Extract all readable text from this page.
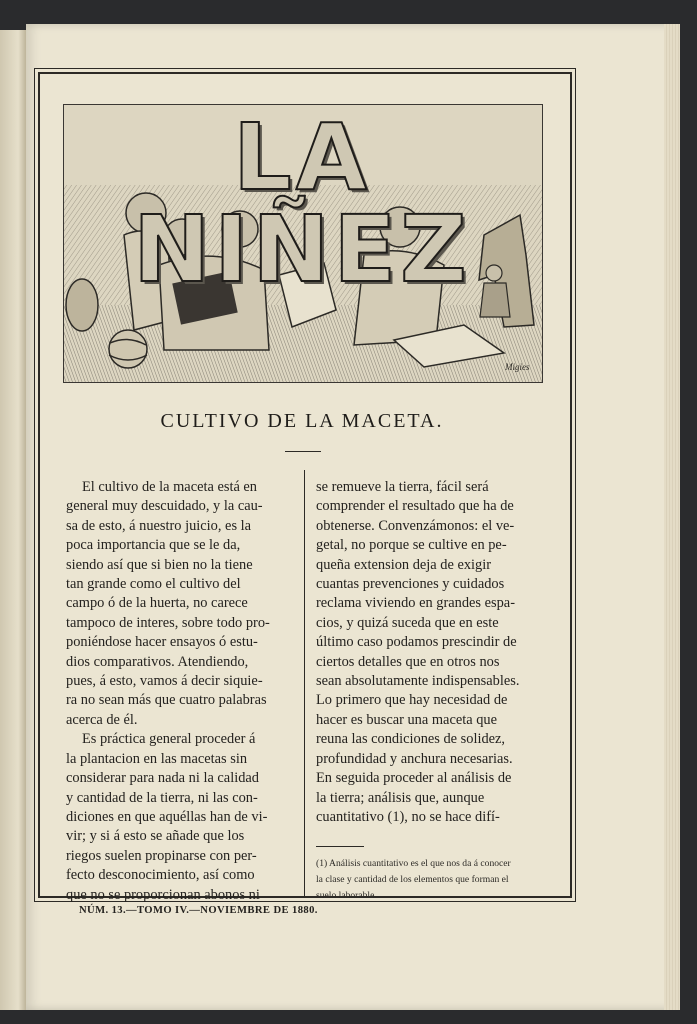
LA NIÑEZ
Migies
CULTIVO DE LA MACETA.

El cultivo de la maceta está en

general muy descuidado, y la cau-

sa de esto, á nuestro juicio, es la

poca importancia que se le da,

siendo así que si bien no la tiene

tan grande como el cultivo del

campo ó de la huerta, no carece

tampoco de interes, sobre todo pro-

poniéndose hacer ensayos ó estu-

dios comparativos. Atendiendo,

pues, á esto, vamos á decir siquie-

ra no sean más que cuatro palabras

acerca de él.

Es práctica general proceder á

la plantacion en las macetas sin

considerar para nada ni la calidad

y cantidad de la tierra, ni las con-

diciones en que aquéllas han de vi-

vir; y si á esto se añade que los

riegos suelen propinarse con per-

fecto desconocimiento, así como

que no se proporcionan abonos ni

se remueve la tierra, fácil será

comprender el resultado que ha de

obtenerse. Convenzámonos: el ve-

getal, no porque se cultive en pe-

queña extension deja de exigir

cuantas prevenciones y cuidados

reclama viviendo en grandes espa-

cios, y quizá suceda que en este

último caso podamos prescindir de

ciertos detalles que en otros nos

sean absolutamente indispensables.

Lo primero que hay necesidad de

hacer es buscar una maceta que

reuna las condiciones de solidez,

profundidad y anchura necesarias.

En seguida proceder al análisis de

la tierra; análisis que, aunque

cuantitativo (1), no se hace difí-

(1) Análisis cuantitativo es el que nos da á conocer
la clase y cantidad de los elementos que forman el
suelo laborable.
NÚM. 13.—TOMO IV.—NOVIEMBRE DE 1880.
